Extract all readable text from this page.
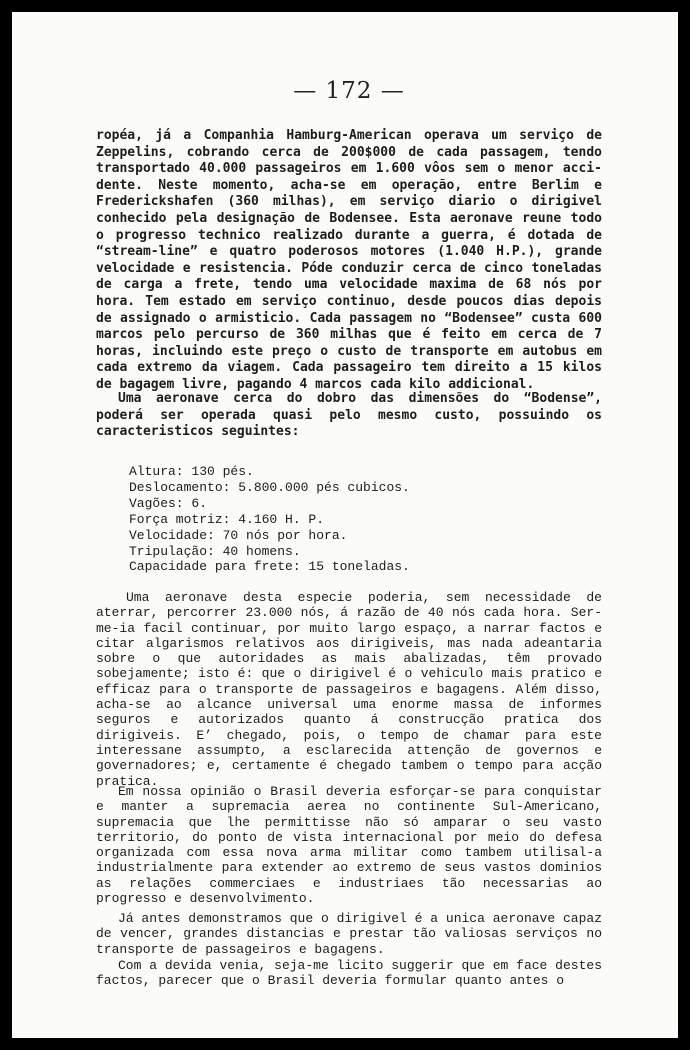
— 172 —

ropéa, já a Companhia Hamburg-American operava um serviço de Zeppelins, cobrando cerca de 200$000 de cada passagem, tendo transportado 40.000 passageiros em 1.600 vôos sem o menor accidente. Neste momento, acha-se em operação, entre Berlim e Frederickshafen (360 milhas), em serviço diario o dirigivel conhecido pela designação de Bodensee. Esta aeronave reune todo o progresso technico realizado durante a guerra, é dotada de “stream-line” e quatro poderosos motores (1.040 H.P.), grande velocidade e resistencia. Póde conduzir cerca de cinco toneladas de carga a frete, tendo uma velocidade maxima de 68 nós por hora. Tem estado em serviço continuo, desde poucos dias depois de assignado o armisticio. Cada passagem no “Bodensee” custa 600 marcos pelo percurso de 360 milhas que é feito em cerca de 7 horas, incluindo este preço o custo de transporte em autobus em cada extremo da viagem. Cada passageiro tem direito a 15 kilos de bagagem livre, pagando 4 marcos cada kilo addicional.

Uma aeronave cerca do dobro das dimensões do “Bodense”, poderá ser operada quasi pelo mesmo custo, possuindo os caracteristicos seguintes:

Altura: 130 pés.
Deslocamento: 5.800.000 pés cubicos.
Vagões: 6.
Força motriz: 4.160 H. P.
Velocidade: 70 nós por hora.
Tripulação: 40 homens.
Capacidade para frete: 15 toneladas.

Uma aeronave desta especie poderia, sem necessidade de aterrar, percorrer 23.000 nós, á razão de 40 nós cada hora. Ser-me-ia facil continuar, por muito largo espaço, a narrar factos e citar algarismos relativos aos dirigiveis, mas nada adeantaria sobre o que autoridades as mais abalizadas, têm provado sobejamente; isto é: que o dirigivel é o vehiculo mais pratico e efficaz para o transporte de passageiros e bagagens. Além disso, acha-se ao alcance universal uma enorme massa de informes seguros e autorizados quanto á construcção pratica dos dirigiveis. E’ chegado, pois, o tempo de chamar para este interessane assumpto, a esclarecida attenção de governos e governadores; e, certamente é chegado tambem o tempo para acção pratica.

Em nossa opinião o Brasil deveria esforçar-se para conquistar e manter a supremacia aerea no continente Sul-Americano, supremacia que lhe permittisse não só amparar o seu vasto territorio, do ponto de vista internacional por meio do defesa organizada com essa nova arma militar como tambem utilisal-a industrialmente para extender ao extremo de seus vastos dominios as relações commerciaes e industriaes tão necessarias ao progresso e desenvolvimento.

Já antes demonstramos que o dirigivel é a unica aeronave capaz de vencer, grandes distancias e prestar tão valiosas serviços no transporte de passageiros e bagagens.

Com a devida venia, seja-me licito suggerir que em face destes factos, parecer que o Brasil deveria formular quanto antes o
